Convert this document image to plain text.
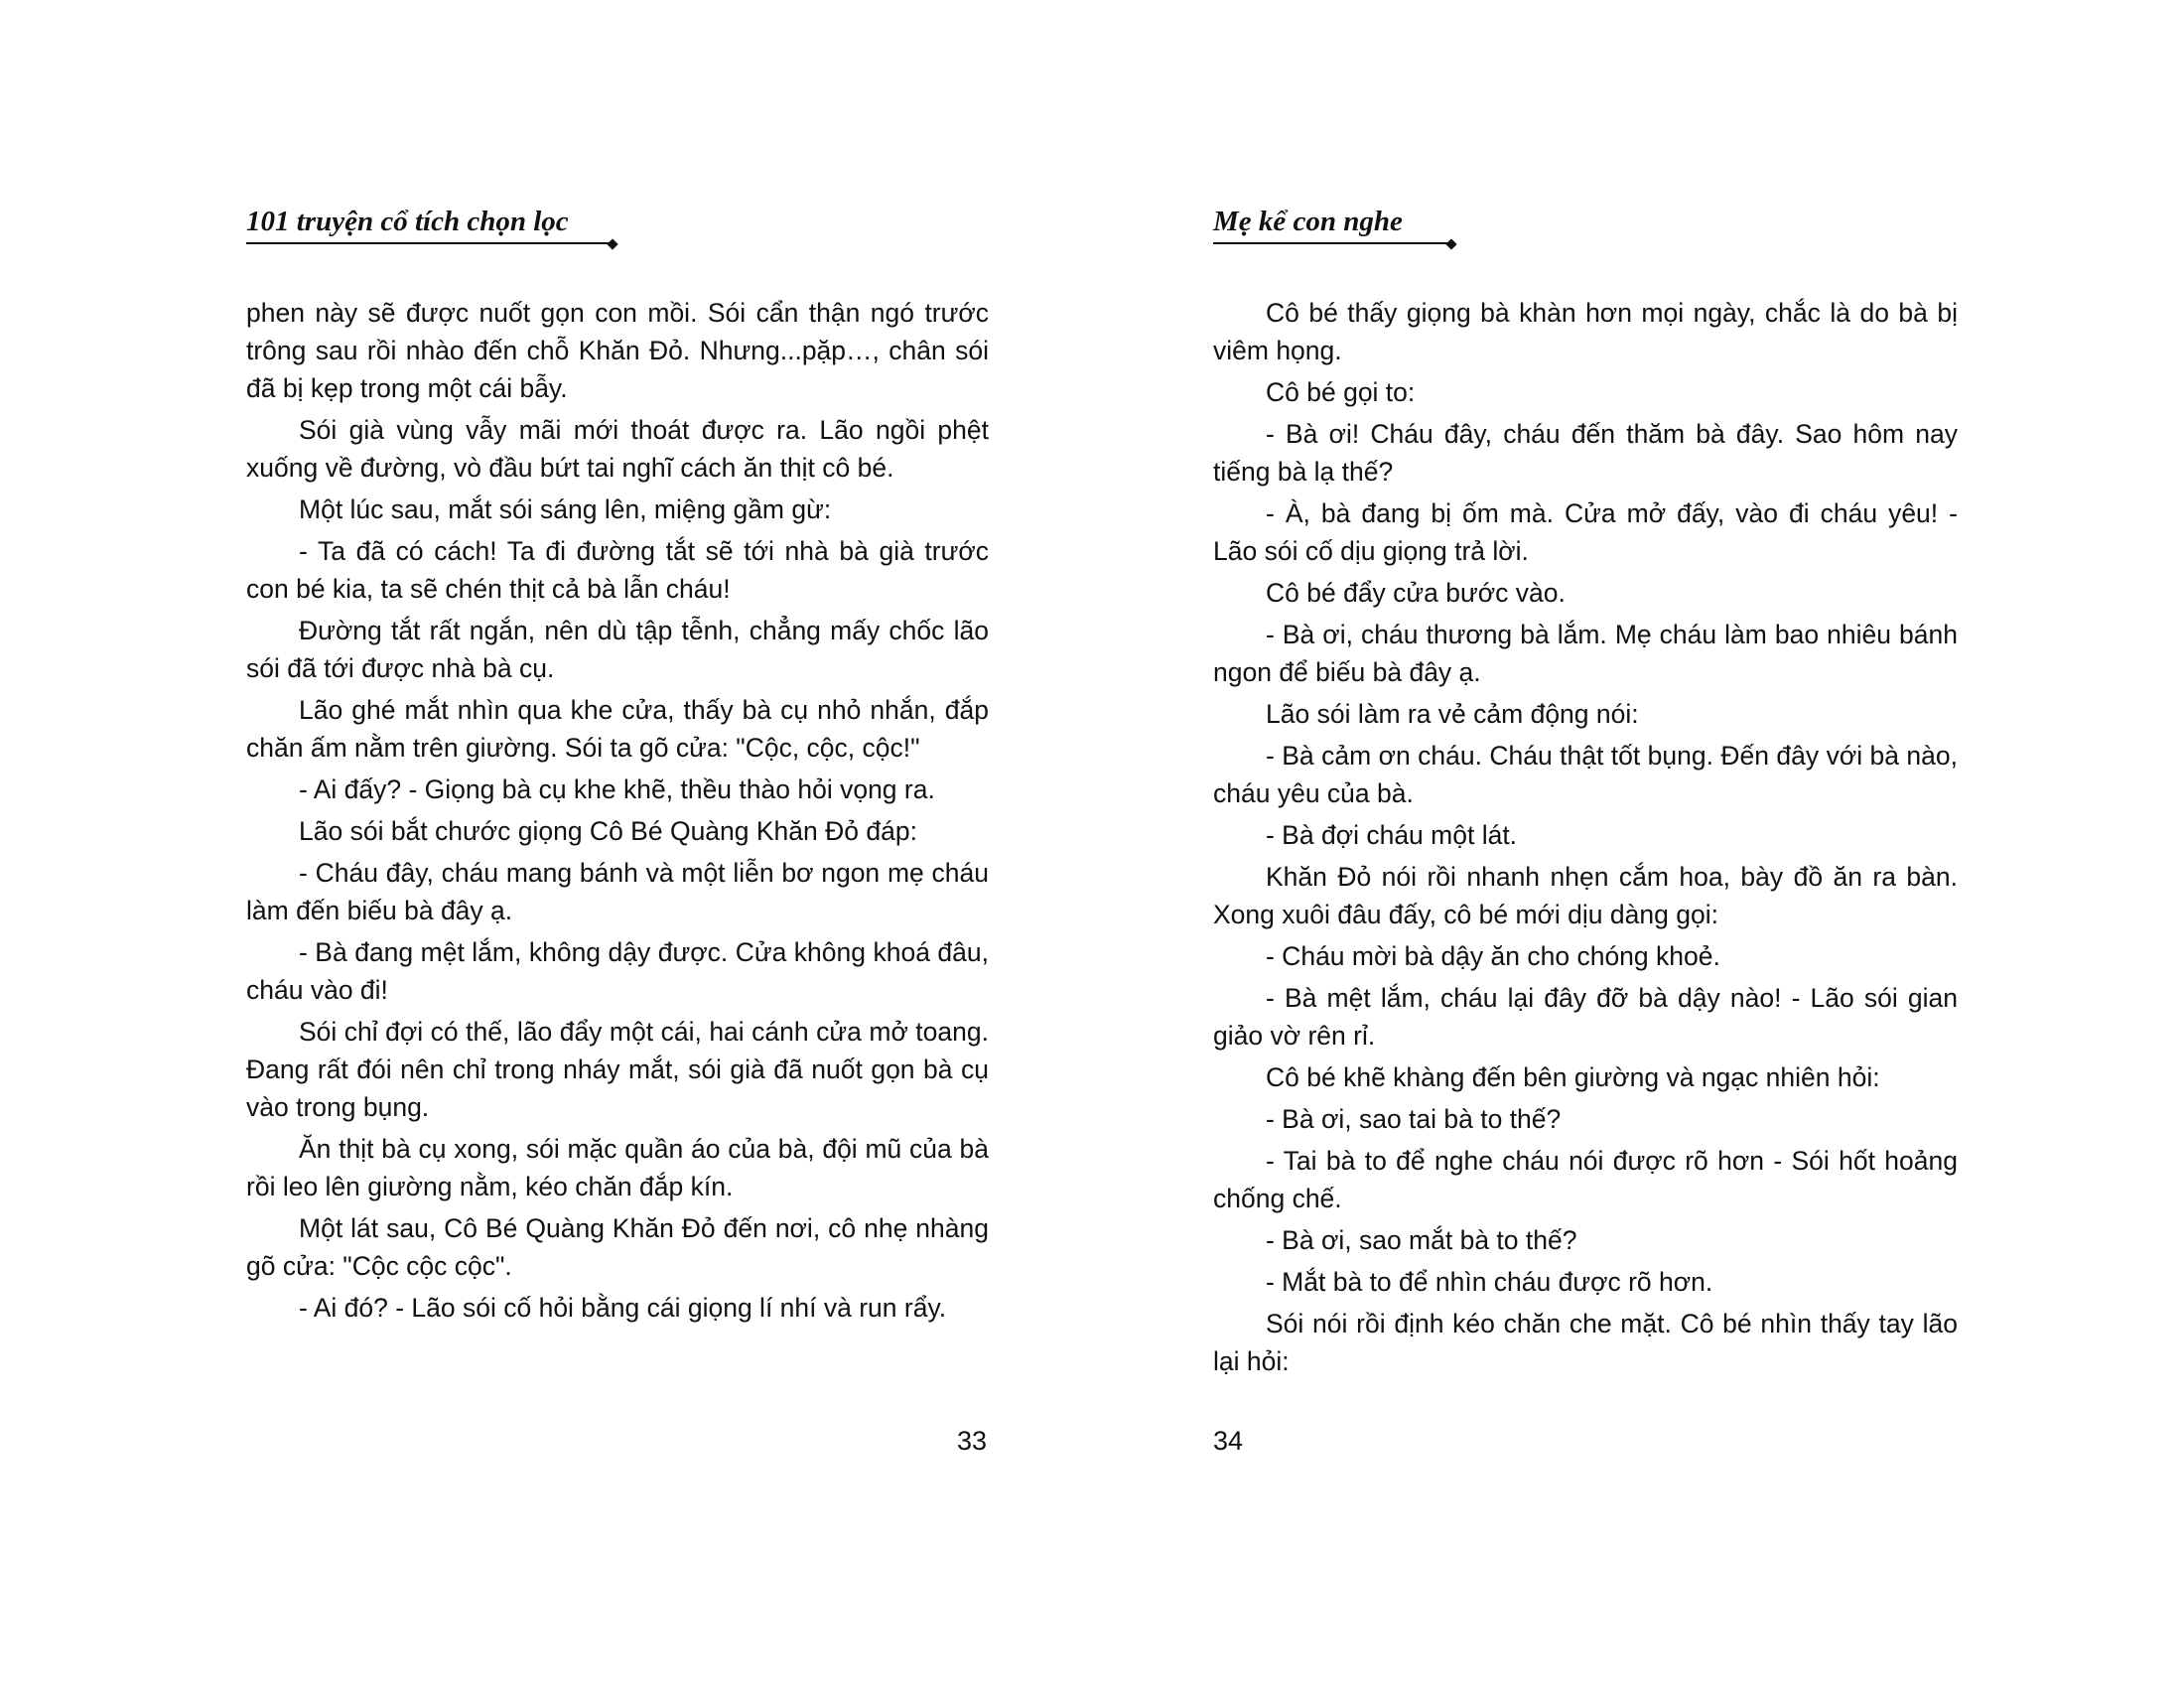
101 truyện cổ tích chọn lọc

phen này sẽ được nuốt gọn con mồi. Sói cẩn thận ngó trước trông sau rồi nhào đến chỗ Khăn Đỏ. Nhưng...pặp…, chân sói đã bị kẹp trong một cái bẫy.

Sói già vùng vẫy mãi mới thoát được ra. Lão ngồi phệt xuống về đường, vò đầu bứt tai nghĩ cách ăn thịt cô bé.

Một lúc sau, mắt sói sáng lên, miệng gầm gừ:

- Ta đã có cách! Ta đi đường tắt sẽ tới nhà bà già trước con bé kia, ta sẽ chén thịt cả bà lẫn cháu!

Đường tắt rất ngắn, nên dù tập tễnh, chẳng mấy chốc lão sói đã tới được nhà bà cụ.

Lão ghé mắt nhìn qua khe cửa, thấy bà cụ nhỏ nhắn, đắp chăn ấm nằm trên giường. Sói ta gõ cửa: "Cộc, cộc, cộc!"

- Ai đấy? - Giọng bà cụ khe khẽ, thều thào hỏi vọng ra.

Lão sói bắt chước giọng Cô Bé Quàng Khăn Đỏ đáp:

- Cháu đây, cháu mang bánh và một liễn bơ ngon mẹ cháu làm đến biếu bà đây ạ.

- Bà đang mệt lắm, không dậy được. Cửa không khoá đâu, cháu vào đi!

Sói chỉ đợi có thế, lão đẩy một cái, hai cánh cửa mở toang. Đang rất đói nên chỉ trong nháy mắt, sói già đã nuốt gọn bà cụ vào trong bụng.

Ăn thịt bà cụ xong, sói mặc quần áo của bà, đội mũ của bà rồi leo lên giường nằm, kéo chăn đắp kín.

Một lát sau, Cô Bé Quàng Khăn Đỏ đến nơi, cô nhẹ nhàng gõ cửa: "Cộc cộc cộc".

- Ai đó? - Lão sói cố hỏi bằng cái giọng lí nhí và run rẩy.

33
Mẹ kể con nghe

Cô bé thấy giọng bà khàn hơn mọi ngày, chắc là do bà bị viêm họng.

Cô bé gọi to:

- Bà ơi! Cháu đây, cháu đến thăm bà đây. Sao hôm nay tiếng bà lạ thế?

- À, bà đang bị ốm mà. Cửa mở đấy, vào đi cháu yêu! - Lão sói cố dịu giọng trả lời.

Cô bé đẩy cửa bước vào.

- Bà ơi, cháu thương bà lắm. Mẹ cháu làm bao nhiêu bánh ngon để biếu bà đây ạ.

Lão sói làm ra vẻ cảm động nói:

- Bà cảm ơn cháu. Cháu thật tốt bụng. Đến đây với bà nào, cháu yêu của bà.

- Bà đợi cháu một lát.

Khăn Đỏ nói rồi nhanh nhẹn cắm hoa, bày đồ ăn ra bàn. Xong xuôi đâu đấy, cô bé mới dịu dàng gọi:

- Cháu mời bà dậy ăn cho chóng khoẻ.

- Bà mệt lắm, cháu lại đây đỡ bà dậy nào! - Lão sói gian giảo vờ rên rỉ.

Cô bé khẽ khàng đến bên giường và ngạc nhiên hỏi:

- Bà ơi, sao tai bà to thế?

- Tai bà to để nghe cháu nói được rõ hơn - Sói hốt hoảng chống chế.

- Bà ơi, sao mắt bà to thế?

- Mắt bà to để nhìn cháu được rõ hơn.

Sói nói rồi định kéo chăn che mặt. Cô bé nhìn thấy tay lão lại hỏi:

34
